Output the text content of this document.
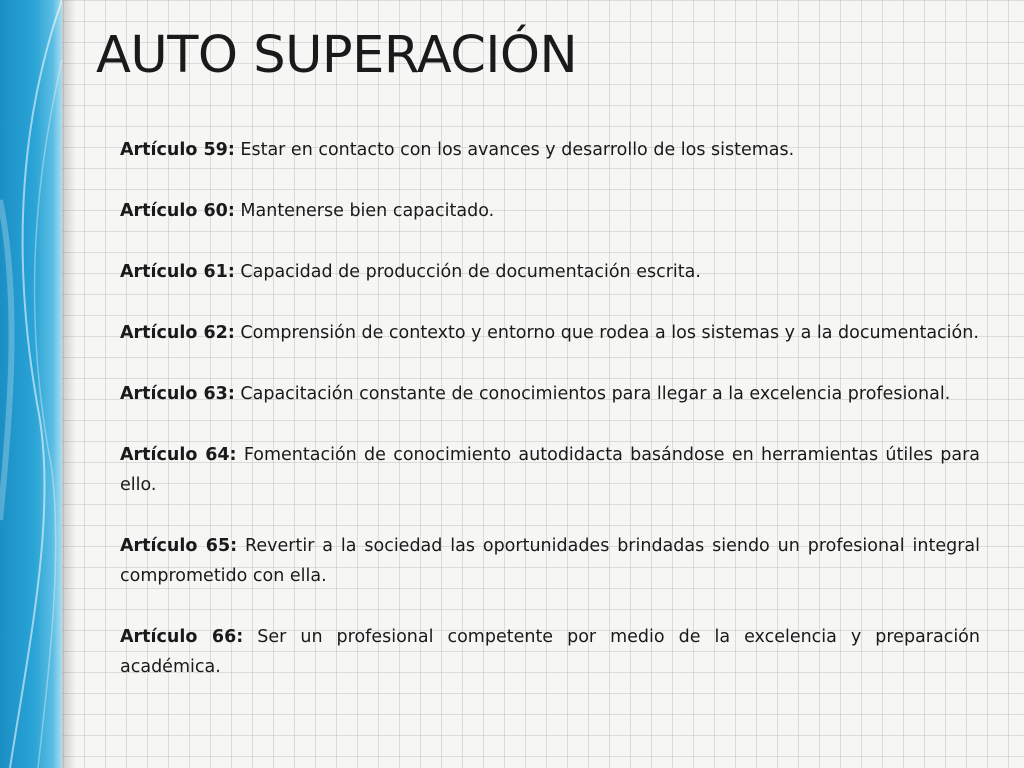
AUTO SUPERACIÓN

Artículo 59: Estar en contacto con los avances y desarrollo de los sistemas.

Artículo 60: Mantenerse bien capacitado.

Artículo 61: Capacidad de producción de documentación escrita.

Artículo 62: Comprensión de contexto y entorno que rodea a los sistemas y a la documentación.

Artículo 63: Capacitación constante de conocimientos para llegar a la excelencia profesional.

Artículo 64: Fomentación de conocimiento autodidacta basándose en herramientas útiles para ello.

Artículo 65: Revertir a la sociedad las oportunidades brindadas siendo un profesional integral comprometido con ella.

Artículo 66: Ser un profesional competente por medio de la excelencia y preparación académica.
